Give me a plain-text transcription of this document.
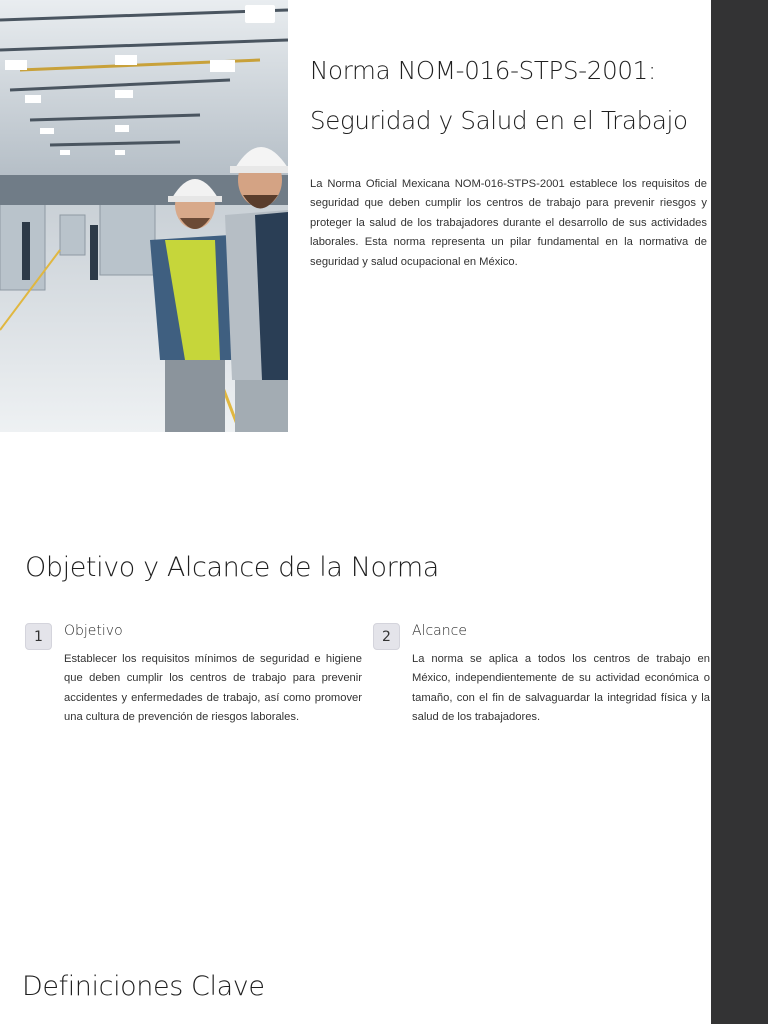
Norma NOM-016-STPS-2001:
Seguridad y Salud en el Trabajo

La Norma Oficial Mexicana NOM-016-STPS-2001 establece los requisitos de seguridad que deben cumplir los centros de trabajo para prevenir riesgos y proteger la salud de los trabajadores durante el desarrollo de sus actividades laborales. Esta norma representa un pilar fundamental en la normativa de seguridad y salud ocupacional en México.

Objetivo y Alcance de la Norma
1	Objetivo

Establecer los requisitos mínimos de seguridad e higiene que deben cumplir los centros de trabajo para prevenir accidentes y enfermedades de trabajo, así como promover una cultura de prevención de riesgos laborales.

2	Alcance

La norma se aplica a todos los centros de trabajo en México, independientemente de su actividad económica o tamaño, con el fin de salvaguardar la integridad física y la salud de los trabajadores.

Definiciones Clave
